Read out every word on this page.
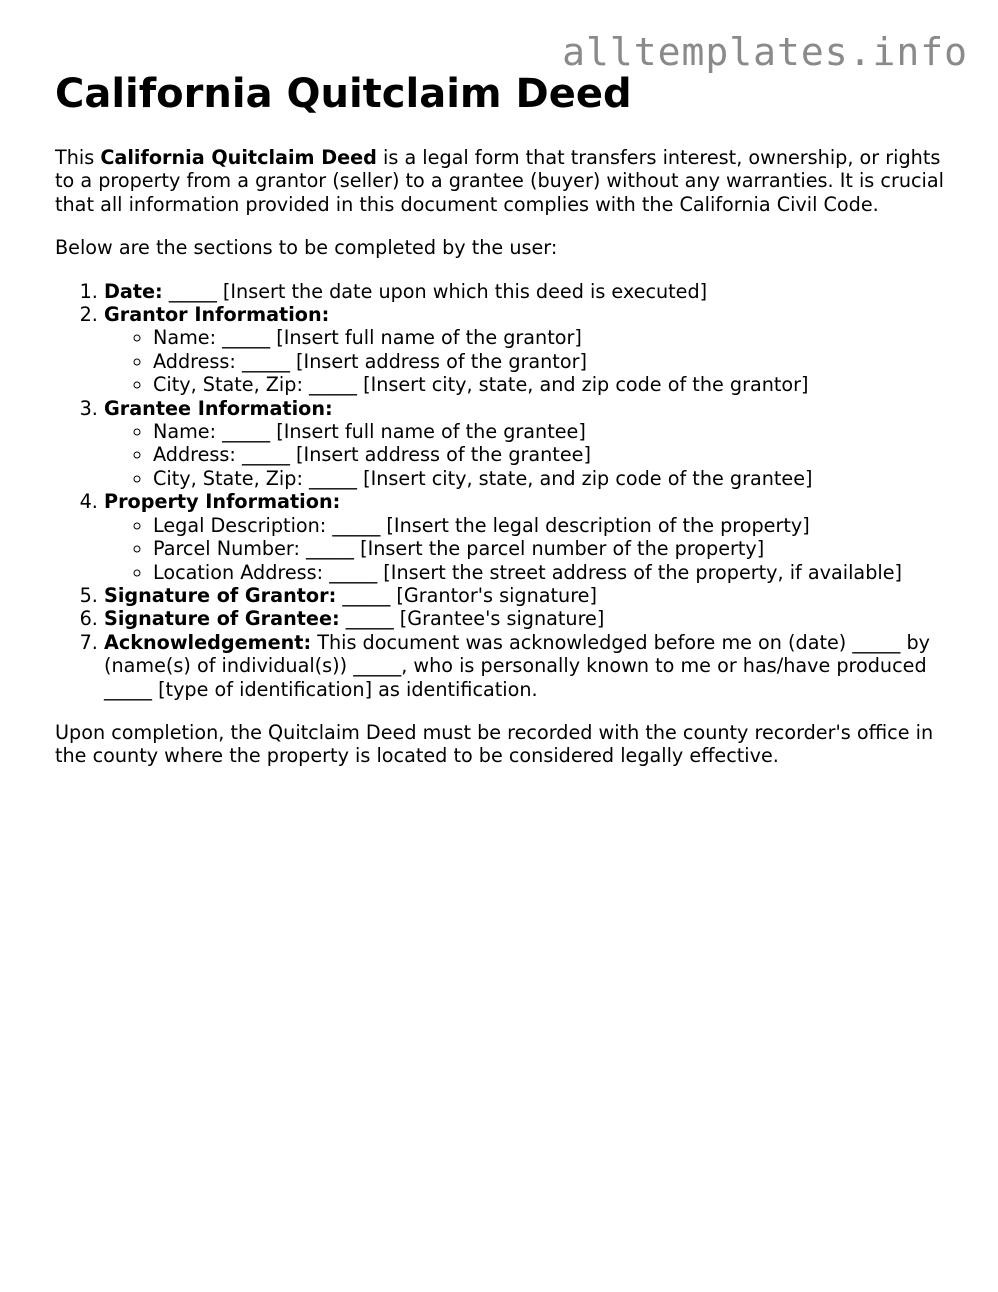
alltemplates.info
California Quitclaim Deed

This California Quitclaim Deed is a legal form that transfers interest, ownership, or rights to a property from a grantor (seller) to a grantee (buyer) without any warranties. It is crucial that all information provided in this document complies with the California Civil Code.

Below are the sections to be completed by the user:

1. Date: _____ [Insert the date upon which this deed is executed]
2. Grantor Information:
◦ Name: _____ [Insert full name of the grantor]
◦ Address: _____ [Insert address of the grantor]
◦ City, State, Zip: _____ [Insert city, state, and zip code of the grantor]
3. Grantee Information:
◦ Name: _____ [Insert full name of the grantee]
◦ Address: _____ [Insert address of the grantee]
◦ City, State, Zip: _____ [Insert city, state, and zip code of the grantee]
4. Property Information:
◦ Legal Description: _____ [Insert the legal description of the property]
◦ Parcel Number: _____ [Insert the parcel number of the property]
◦ Location Address: _____ [Insert the street address of the property, if available]
5. Signature of Grantor: _____ [Grantor's signature]
6. Signature of Grantee: _____ [Grantee's signature]
7. Acknowledgement: This document was acknowledged before me on (date) _____ by (name(s) of individual(s)) _____, who is personally known to me or has/have produced _____ [type of identification] as identification.

Upon completion, the Quitclaim Deed must be recorded with the county recorder's office in the county where the property is located to be considered legally effective.
